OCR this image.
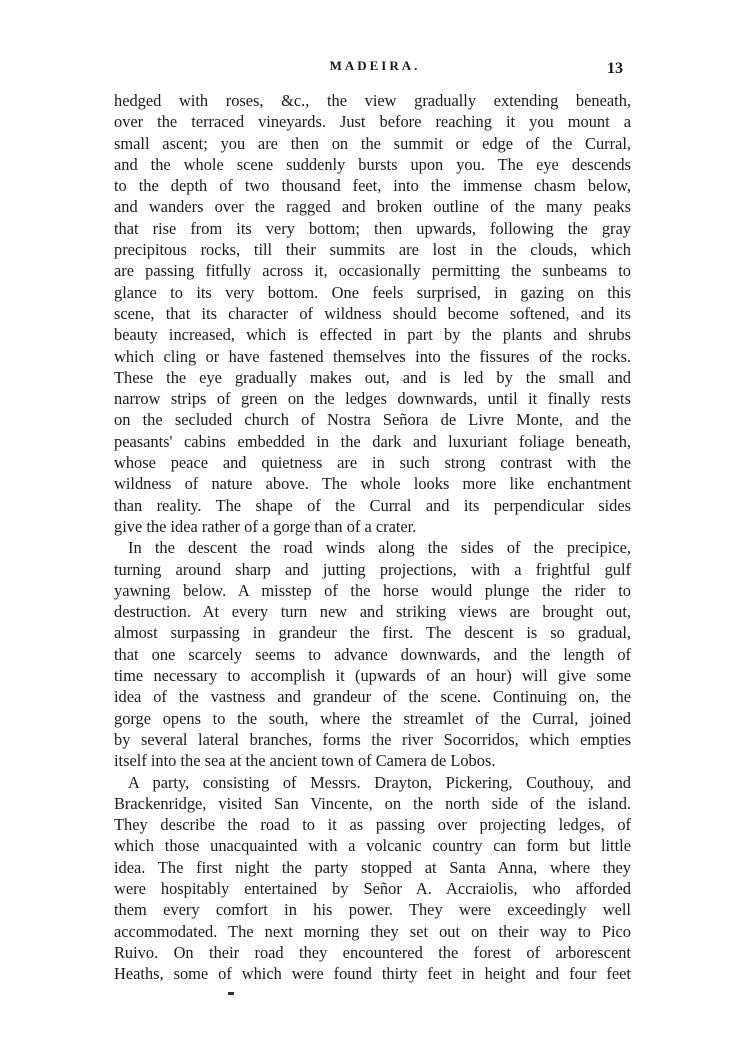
MADEIRA.	13
hedged with roses, &c., the view gradually extending beneath,
over the terraced vineyards. Just before reaching it you mount a
small ascent; you are then on the summit or edge of the Curral,
and the whole scene suddenly bursts upon you. The eye descends
to the depth of two thousand feet, into the immense chasm below,
and wanders over the ragged and broken outline of the many peaks
that rise from its very bottom; then upwards, following the gray
precipitous rocks, till their summits are lost in the clouds, which
are passing fitfully across it, occasionally permitting the sunbeams to
glance to its very bottom. One feels surprised, in gazing on this
scene, that its character of wildness should become softened, and its
beauty increased, which is effected in part by the plants and shrubs
which cling or have fastened themselves into the fissures of the rocks.
These the eye gradually makes out, and is led by the small and
narrow strips of green on the ledges downwards, until it finally rests
on the secluded church of Nostra Señora de Livre Monte, and the
peasants' cabins embedded in the dark and luxuriant foliage beneath,
whose peace and quietness are in such strong contrast with the
wildness of nature above. The whole looks more like enchantment
than reality. The shape of the Curral and its perpendicular sides
give the idea rather of a gorge than of a crater.
In the descent the road winds along the sides of the precipice,
turning around sharp and jutting projections, with a frightful gulf
yawning below. A misstep of the horse would plunge the rider to
destruction. At every turn new and striking views are brought out,
almost surpassing in grandeur the first. The descent is so gradual,
that one scarcely seems to advance downwards, and the length of
time necessary to accomplish it (upwards of an hour) will give some
idea of the vastness and grandeur of the scene. Continuing on, the
gorge opens to the south, where the streamlet of the Curral, joined
by several lateral branches, forms the river Socorridos, which empties
itself into the sea at the ancient town of Camera de Lobos.
A party, consisting of Messrs. Drayton, Pickering, Couthouy, and
Brackenridge, visited San Vincente, on the north side of the island.
They describe the road to it as passing over projecting ledges, of
which those unacquainted with a volcanic country can form but little
idea. The first night the party stopped at Santa Anna, where they
were hospitably entertained by Señor A. Accraiolis, who afforded
them every comfort in his power. They were exceedingly well
accommodated. The next morning they set out on their way to Pico
Ruivo. On their road they encountered the forest of arborescent
Heaths, some of which were found thirty feet in height and four feet
